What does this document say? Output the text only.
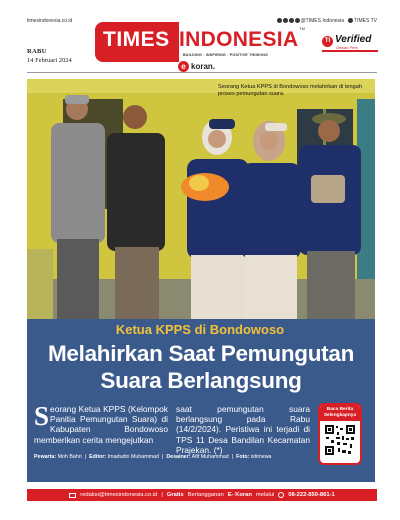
timesindonesia.co.id	@TIMES Indonesia	TIMES TV
RABU
14 Februari 2024
TIMES INDONESIA TM
BUILDING · INSPIRING · POSITIVE THINKING
e koran.
TI Verified
Dewan Pers
Seorang Ketua KPPS di Bondowoso melahirkan di tengah proses pemungutan suara.
Ketua KPPS di Bondowoso
Melahirkan Saat Pemungutan Suara Berlangsung
Seorang Ketua KPPS (Kelompok Panitia Pemungutan Suara) di Kabupaten Bondowoso memberikan cerita mengejutkan
saat pemungutan suara berlangsung pada Rabu (14/2/2024). Peristiwa ini terjadi di TPS 11 Desa Bandilan Kecamatan Prajekan. (*)
Baca Berita Selengkapnya
Pewarta: Moh Bahri | Editor: Imadudin Muhammad | Desainer: Afif Muhammad | Foto: istimewa
redaksi@timesindonesia.co.id | Gratis Berlangganan E- Koran melalui 08-222-850-861-1
